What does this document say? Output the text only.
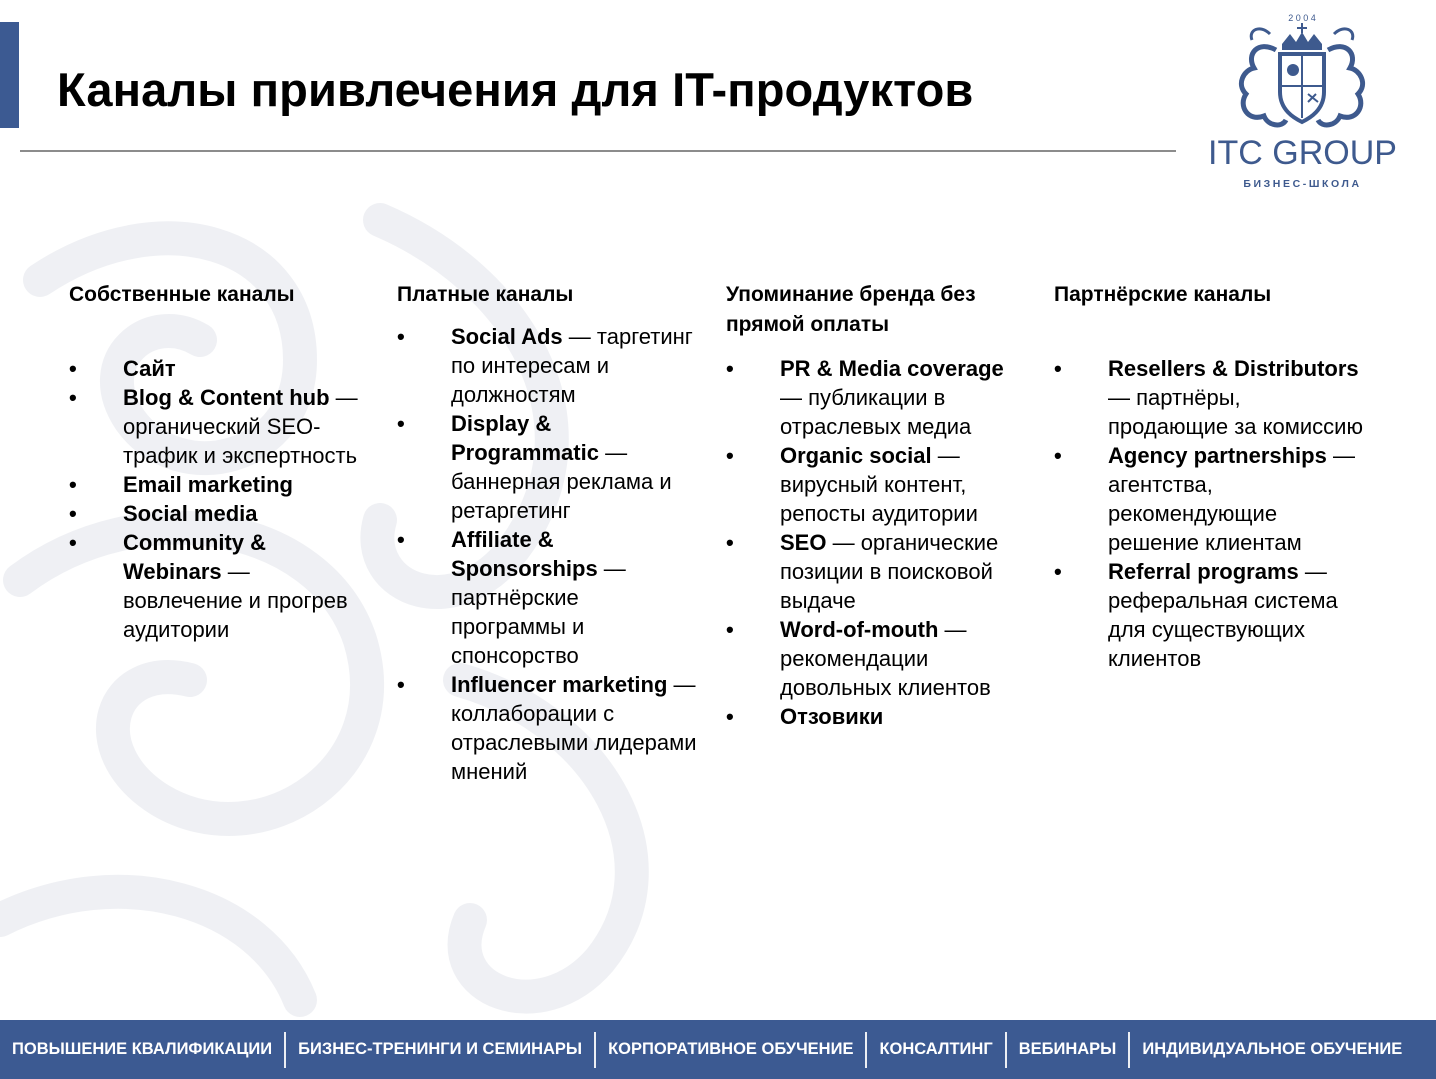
Каналы привлечения для IT-продуктов
2 0 0 4
ITC GROUP
БИЗНЕС-ШКОЛА
Собственные каналы
• Сайт
• Blog & Content hub — органический SEO-трафик и экспертность
• Email marketing
• Social media
• Community & Webinars — вовлечение и прогрев аудитории
Платные каналы
• Social Ads — таргетинг по интересам и должностям
• Display & Programmatic — баннерная реклама и ретаргетинг
• Affiliate & Sponsorships — партнёрские программы и спонсорство
• Influencer marketing — коллаборации с отраслевыми лидерами мнений
Упоминание бренда без прямой оплаты
• PR & Media coverage — публикации в отраслевых медиа
• Organic social — вирусный контент, репосты аудитории
• SEO — органические позиции в поисковой выдаче
• Word-of-mouth — рекомендации довольных клиентов
• Отзовики
Партнёрские каналы
• Resellers & Distributors — партнёры, продающие за комиссию
• Agency partnerships — агентства, рекомендующие решение клиентам
• Referral programs — реферальная система для существующих клиентов
ПОВЫШЕНИЕ КВАЛИФИКАЦИИ	БИЗНЕС-ТРЕНИНГИ И СЕМИНАРЫ	КОРПОРАТИВНОЕ ОБУЧЕНИЕ	КОНСАЛТИНГ	ВЕБИНАРЫ	ИНДИВИДУАЛЬНОЕ ОБУЧЕНИЕ
